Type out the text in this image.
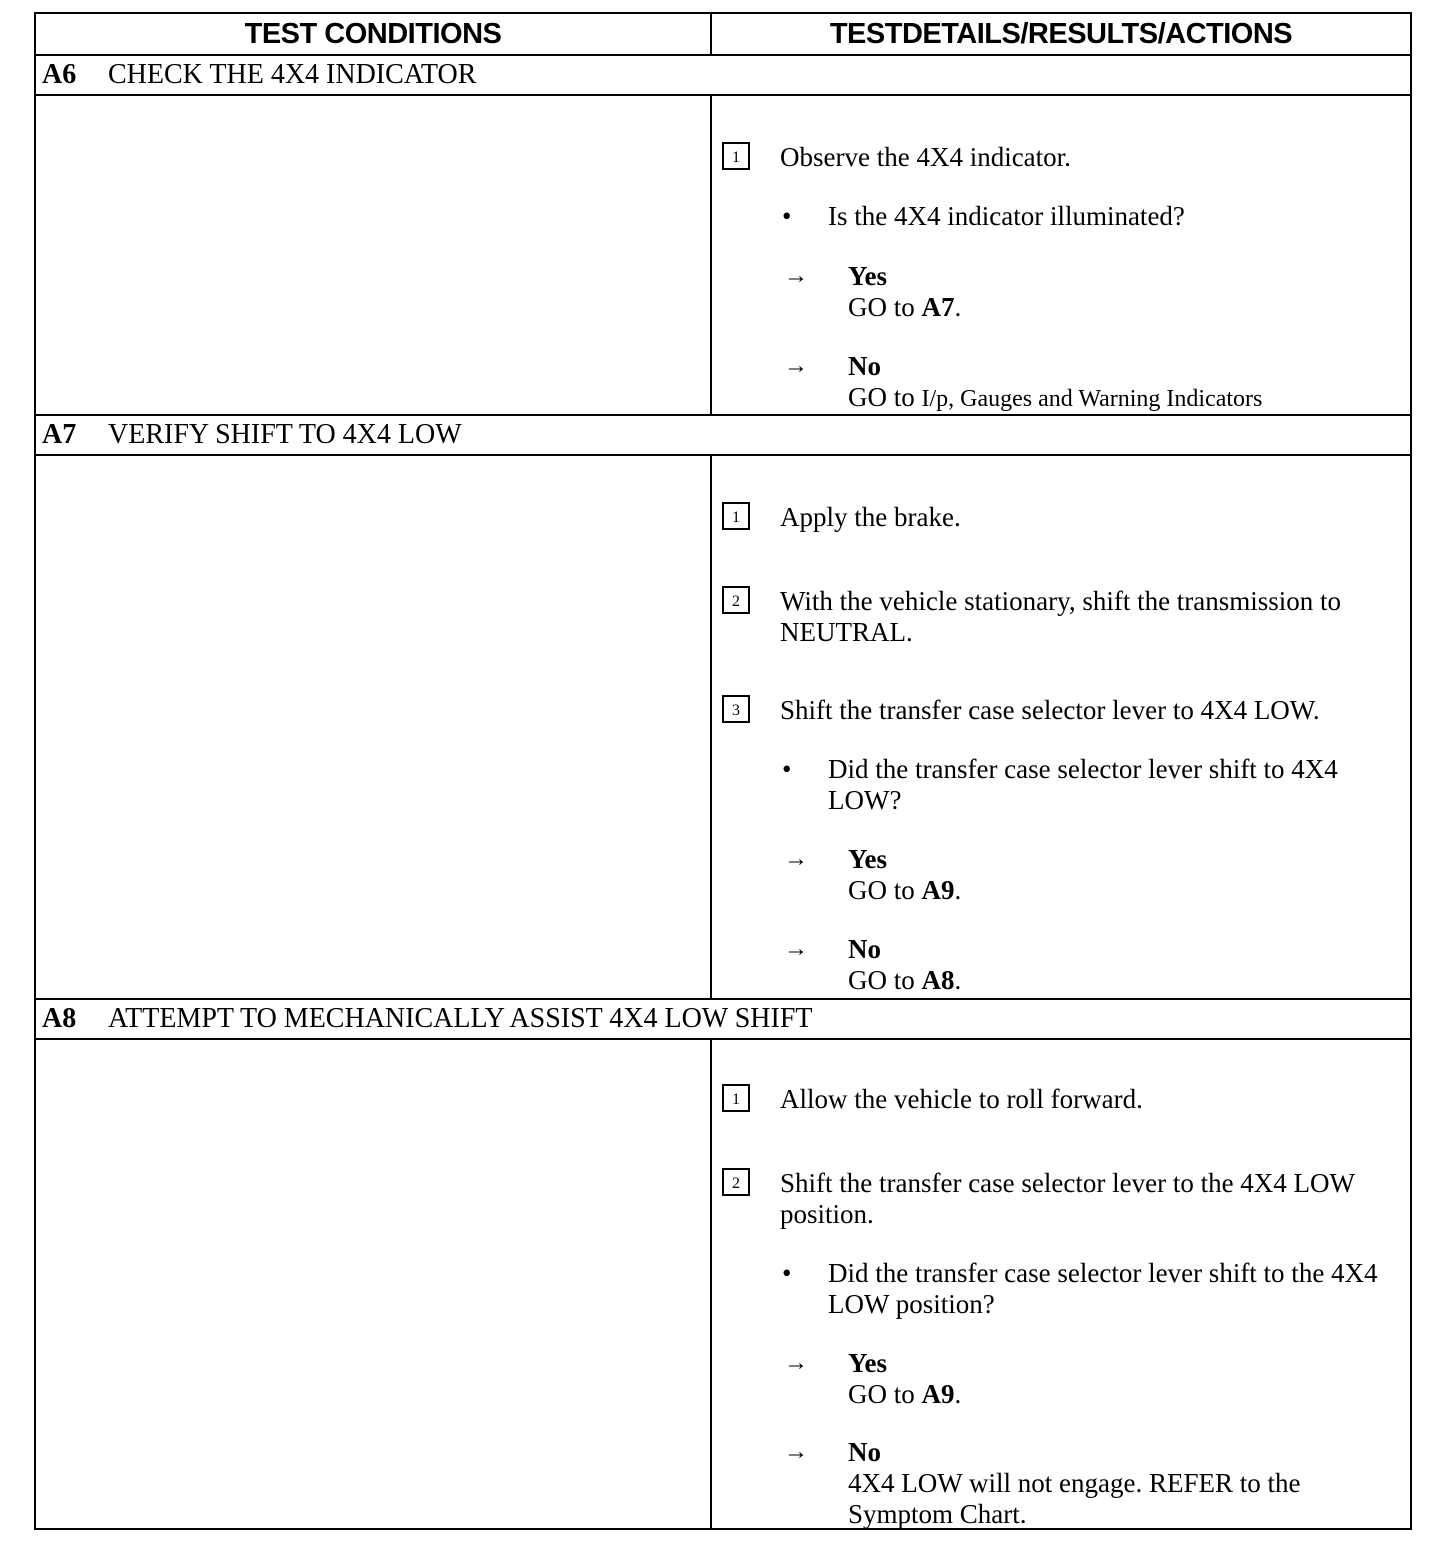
TEST CONDITIONS	TESTDETAILS/RESULTS/ACTIONS
A6	CHECK THE 4X4 INDICATOR
1	Observe the 4X4 indicator.
• Is the 4X4 indicator illuminated?
→ Yes
GO to A7.
→ No
GO to I/p, Gauges and Warning Indicators
A7	VERIFY SHIFT TO 4X4 LOW
1	Apply the brake.
2	With the vehicle stationary, shift the transmission to NEUTRAL.
3	Shift the transfer case selector lever to 4X4 LOW.
• Did the transfer case selector lever shift to 4X4 LOW?
→ Yes
GO to A9.
→ No
GO to A8.
A8	ATTEMPT TO MECHANICALLY ASSIST 4X4 LOW SHIFT
1	Allow the vehicle to roll forward.
2	Shift the transfer case selector lever to the 4X4 LOW position.
• Did the transfer case selector lever shift to the 4X4 LOW position?
→ Yes
GO to A9.
→ No
4X4 LOW will not engage. REFER to the Symptom Chart.
